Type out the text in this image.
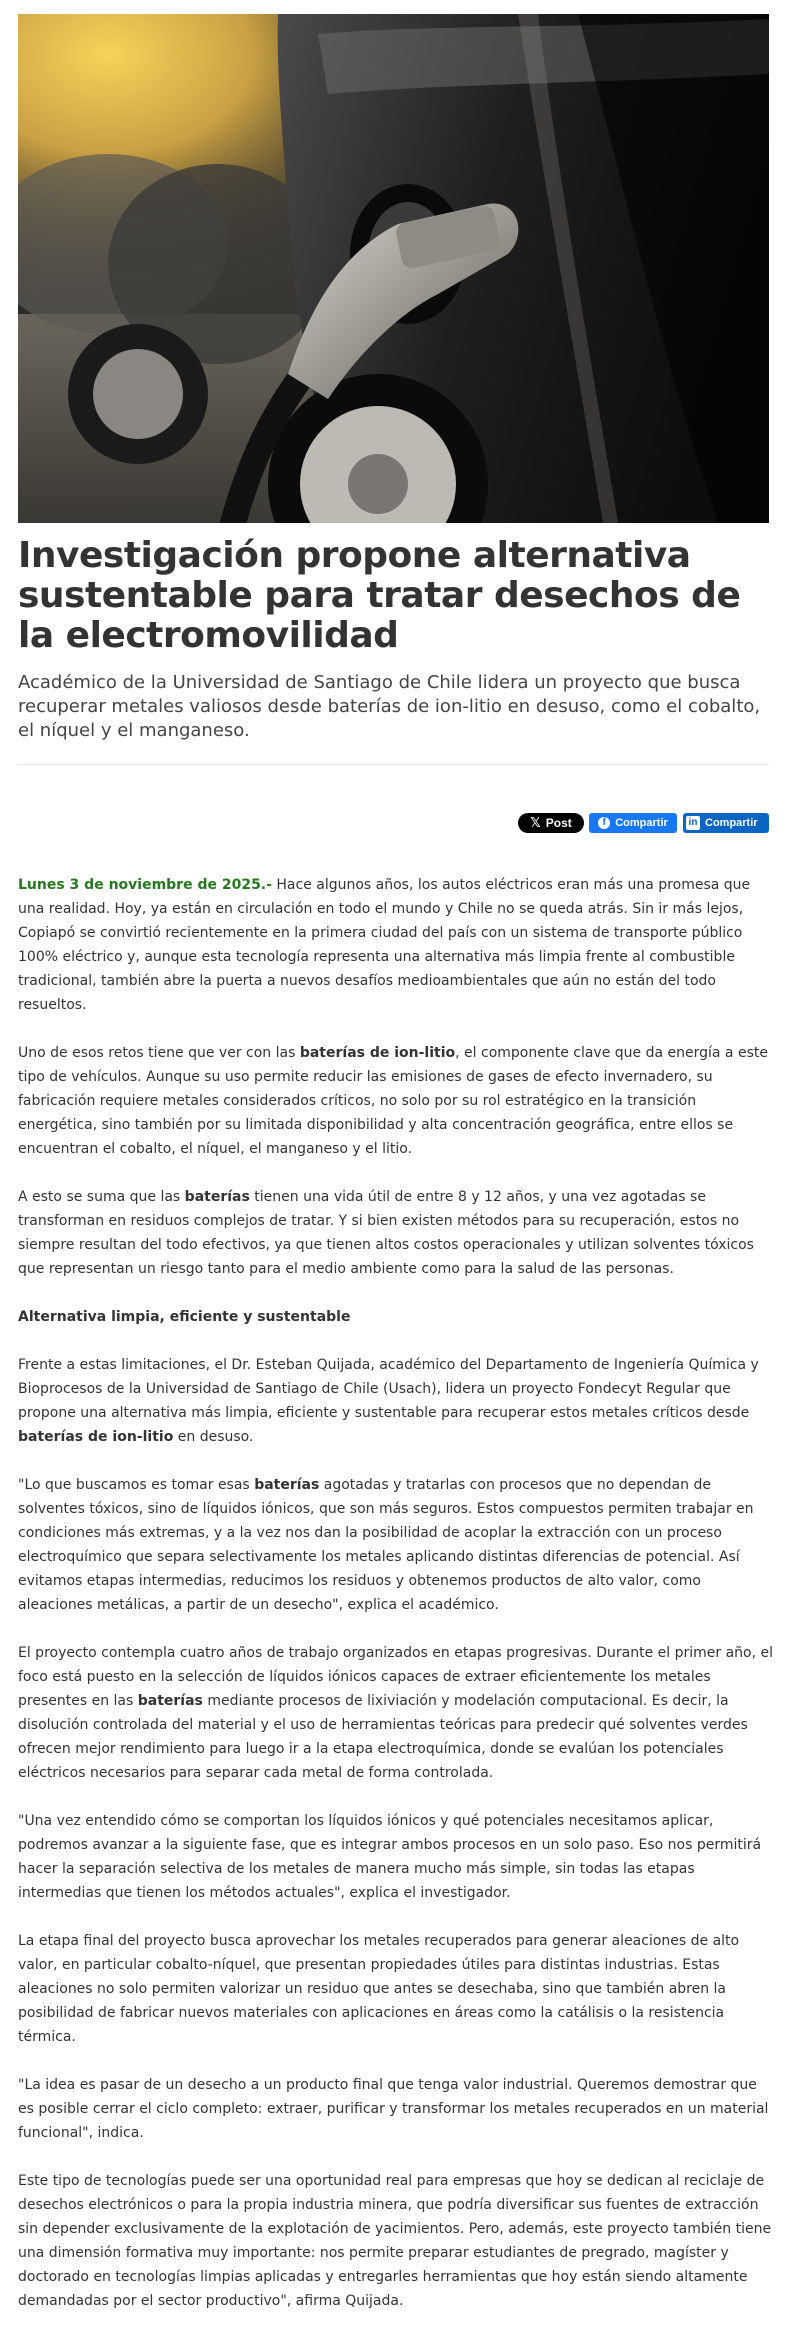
Investigación propone alternativa sustentable para tratar desechos de la electromovilidad

Académico de la Universidad de Santiago de Chile lidera un proyecto que busca recuperar metales valiosos desde baterías de ion-litio en desuso, como el cobalto, el níquel y el manganeso.

𝕏 Post	f Compartir in Compartir

Lunes 3 de noviembre de 2025.- Hace algunos años, los autos eléctricos eran más una promesa que una realidad. Hoy, ya están en circulación en todo el mundo y Chile no se queda atrás. Sin ir más lejos, Copiapó se convirtió recientemente en la primera ciudad del país con un sistema de transporte público 100% eléctrico y, aunque esta tecnología representa una alternativa más limpia frente al combustible tradicional, también abre la puerta a nuevos desafíos medioambientales que aún no están del todo resueltos.

Uno de esos retos tiene que ver con las baterías de ion-litio, el componente clave que da energía a este tipo de vehículos. Aunque su uso permite reducir las emisiones de gases de efecto invernadero, su fabricación requiere metales considerados críticos, no solo por su rol estratégico en la transición energética, sino también por su limitada disponibilidad y alta concentración geográfica, entre ellos se encuentran el cobalto, el níquel, el manganeso y el litio.

A esto se suma que las baterías tienen una vida útil de entre 8 y 12 años, y una vez agotadas se transforman en residuos complejos de tratar. Y si bien existen métodos para su recuperación, estos no siempre resultan del todo efectivos, ya que tienen altos costos operacionales y utilizan solventes tóxicos que representan un riesgo tanto para el medio ambiente como para la salud de las personas.

Alternativa limpia, eficiente y sustentable

Frente a estas limitaciones, el Dr. Esteban Quijada, académico del Departamento de Ingeniería Química y Bioprocesos de la Universidad de Santiago de Chile (Usach), lidera un proyecto Fondecyt Regular que propone una alternativa más limpia, eficiente y sustentable para recuperar estos metales críticos desde baterías de ion-litio en desuso.

"Lo que buscamos es tomar esas baterías agotadas y tratarlas con procesos que no dependan de solventes tóxicos, sino de líquidos iónicos, que son más seguros. Estos compuestos permiten trabajar en condiciones más extremas, y a la vez nos dan la posibilidad de acoplar la extracción con un proceso electroquímico que separa selectivamente los metales aplicando distintas diferencias de potencial. Así evitamos etapas intermedias, reducimos los residuos y obtenemos productos de alto valor, como aleaciones metálicas, a partir de un desecho", explica el académico.

El proyecto contempla cuatro años de trabajo organizados en etapas progresivas. Durante el primer año, el foco está puesto en la selección de líquidos iónicos capaces de extraer eficientemente los metales presentes en las baterías mediante procesos de lixiviación y modelación computacional. Es decir, la disolución controlada del material y el uso de herramientas teóricas para predecir qué solventes verdes ofrecen mejor rendimiento para luego ir a la etapa electroquímica, donde se evalúan los potenciales eléctricos necesarios para separar cada metal de forma controlada.

"Una vez entendido cómo se comportan los líquidos iónicos y qué potenciales necesitamos aplicar, podremos avanzar a la siguiente fase, que es integrar ambos procesos en un solo paso. Eso nos permitirá hacer la separación selectiva de los metales de manera mucho más simple, sin todas las etapas intermedias que tienen los métodos actuales", explica el investigador.

La etapa final del proyecto busca aprovechar los metales recuperados para generar aleaciones de alto valor, en particular cobalto-níquel, que presentan propiedades útiles para distintas industrias. Estas aleaciones no solo permiten valorizar un residuo que antes se desechaba, sino que también abren la posibilidad de fabricar nuevos materiales con aplicaciones en áreas como la catálisis o la resistencia térmica.

"La idea es pasar de un desecho a un producto final que tenga valor industrial. Queremos demostrar que es posible cerrar el ciclo completo: extraer, purificar y transformar los metales recuperados en un material funcional", indica.

Este tipo de tecnologías puede ser una oportunidad real para empresas que hoy se dedican al reciclaje de desechos electrónicos o para la propia industria minera, que podría diversificar sus fuentes de extracción sin depender exclusivamente de la explotación de yacimientos. Pero, además, este proyecto también tiene una dimensión formativa muy importante: nos permite preparar estudiantes de pregrado, magíster y doctorado en tecnologías limpias aplicadas y entregarles herramientas que hoy están siendo altamente demandadas por el sector productivo", afirma Quijada.
